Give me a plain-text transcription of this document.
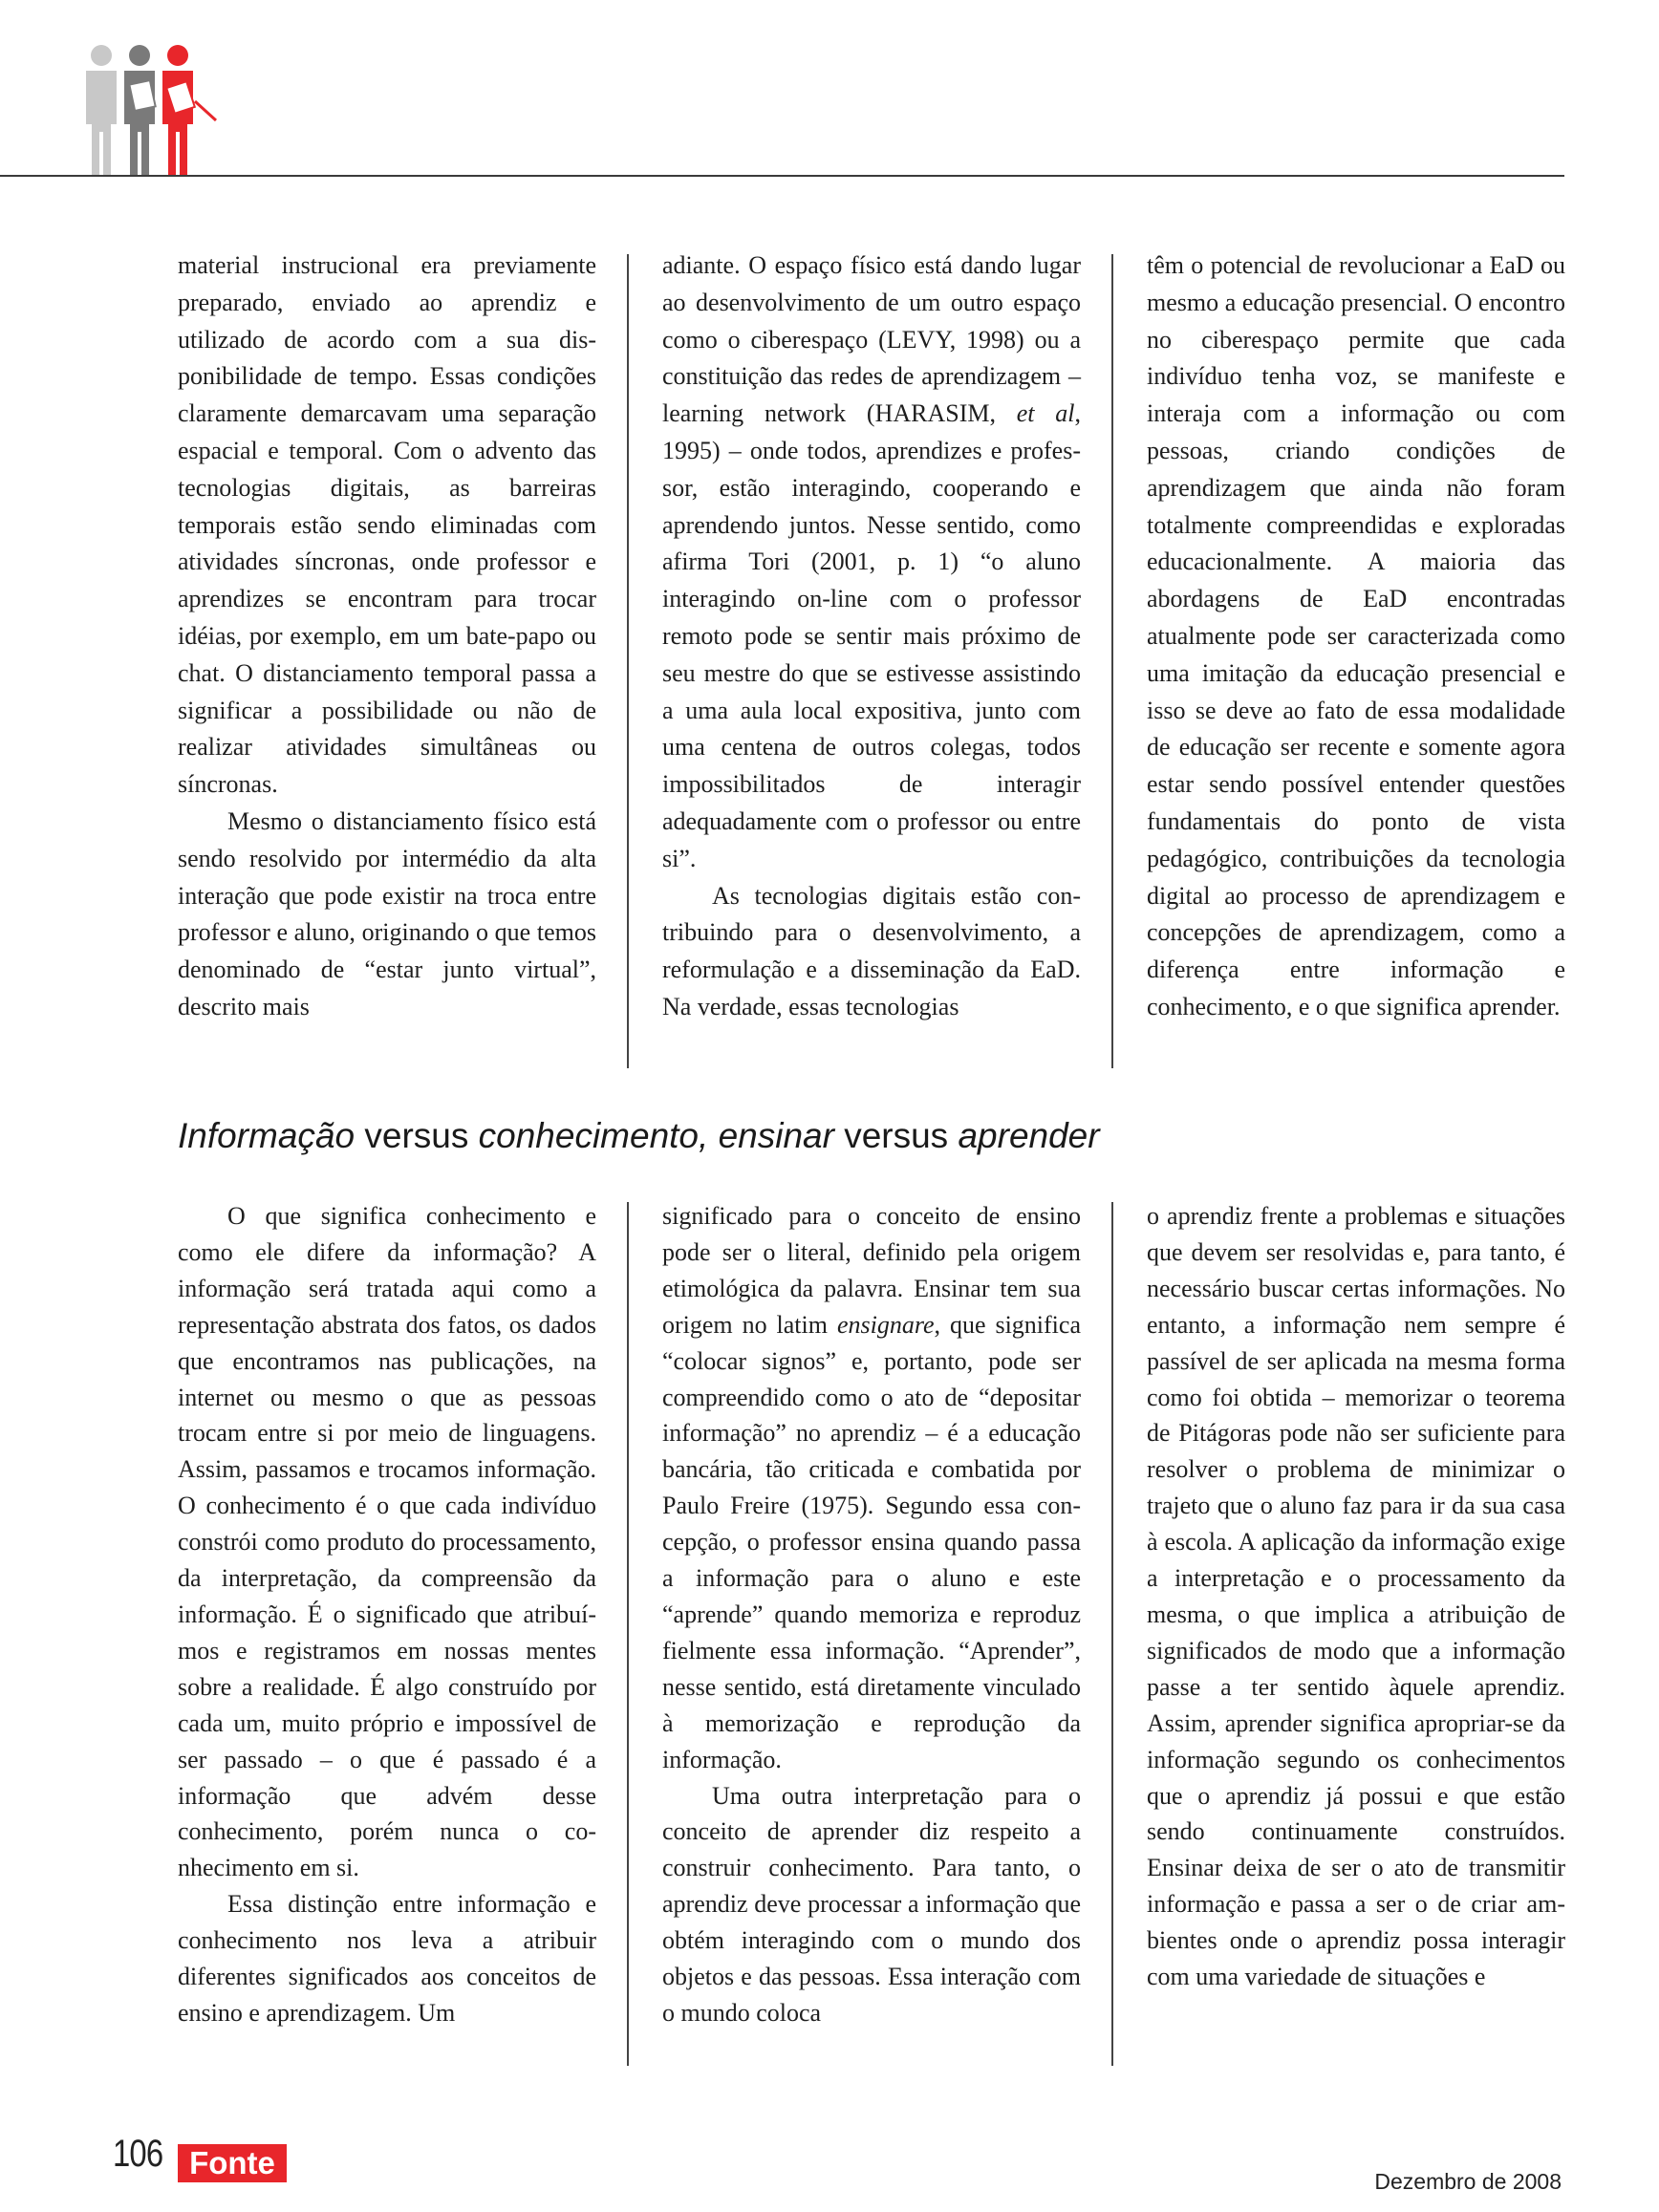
material instrucional era previamente preparado, enviado ao aprendiz e utilizado de acordo com a sua disponibilidade de tempo. Essas condições claramente demarcavam uma separação espacial e temporal. Com o advento das tecnologias digitais, as barreiras temporais estão sendo eliminadas com atividades síncronas, onde professor e aprendizes se encontram para trocar idéias, por exemplo, em um bate-papo ou chat. O distanciamento temporal passa a significar a possibilidade ou não de realizar atividades simultâneas ou síncronas.

Mesmo o distanciamento físico está sendo resolvido por intermédio da alta interação que pode existir na troca entre professor e aluno, originando o que temos denominado de “estar junto virtual”, descrito mais

adiante. O espaço físico está dando lugar ao desenvolvimento de um outro espaço como o ciberespaço (LEVY, 1998) ou a constituição das redes de aprendizagem – learning network (HARASIM, et al, 1995) – onde todos, aprendizes e professor, estão interagindo, cooperando e aprendendo juntos. Nesse sentido, como afirma Tori (2001, p. 1) “o aluno interagindo on-line com o professor remoto pode se sentir mais próximo de seu mestre do que se estivesse assistindo a uma aula local expositiva, junto com uma centena de outros colegas, todos impossibilitados de interagir adequadamente com o professor ou entre si”.

As tecnologias digitais estão contribuindo para o desenvolvimento, a reformulação e a disseminação da EaD. Na verdade, essas tecnologias

têm o potencial de revolucionar a EaD ou mesmo a educação presencial. O encontro no ciberespaço permite que cada indivíduo tenha voz, se manifeste e interaja com a informação ou com pessoas, criando condições de aprendizagem que ainda não foram totalmente compreendidas e exploradas educacionalmente. A maioria das abordagens de EaD encontradas atualmente pode ser caracterizada como uma imitação da educação presencial e isso se deve ao fato de essa modalidade de educação ser recente e somente agora estar sendo possível entender questões fundamentais do ponto de vista pedagógico, contribuições da tecnologia digital ao processo de aprendizagem e concepções de aprendizagem, como a diferença entre informação e conhecimento, e o que significa aprender.

Informação versus conhecimento, ensinar versus aprender

O que significa conhecimento e como ele difere da informação? A informação será tratada aqui como a representação abstrata dos fatos, os dados que encontramos nas publicações, na internet ou mesmo o que as pessoas trocam entre si por meio de linguagens. Assim, passamos e trocamos informação. O conhecimento é o que cada indivíduo constrói como produto do processamento, da interpretação, da compreensão da informação. É o significado que atribuímos e registramos em nossas mentes sobre a realidade. É algo construído por cada um, muito próprio e impossível de ser passado – o que é passado é a informação que advém desse conhecimento, porém nunca o conhecimento em si.

Essa distinção entre informação e conhecimento nos leva a atribuir diferentes significados aos conceitos de ensino e aprendizagem. Um

significado para o conceito de ensino pode ser o literal, definido pela origem etimológica da palavra. Ensinar tem sua origem no latim ensignare, que significa “colocar signos” e, portanto, pode ser compreendido como o ato de “depositar informação” no aprendiz – é a educação bancária, tão criticada e combatida por Paulo Freire (1975). Segundo essa concepção, o professor ensina quando passa a informação para o aluno e este “aprende” quando memoriza e reproduz fielmente essa informação. “Aprender”, nesse sentido, está diretamente vinculado à memorização e reprodução da informação.

Uma outra interpretação para o conceito de aprender diz respeito a construir conhecimento. Para tanto, o aprendiz deve processar a informação que obtém interagindo com o mundo dos objetos e das pessoas. Essa interação com o mundo coloca

o aprendiz frente a problemas e situações que devem ser resolvidas e, para tanto, é necessário buscar certas informações. No entanto, a informação nem sempre é passível de ser aplicada na mesma forma como foi obtida – memorizar o teorema de Pitágoras pode não ser suficiente para resolver o problema de minimizar o trajeto que o aluno faz para ir da sua casa à escola. A aplicação da informação exige a interpretação e o processamento da mesma, o que implica a atribuição de significados de modo que a informação passe a ter sentido àquele aprendiz. Assim, aprender significa apropriar-se da informação segundo os conhecimentos que o aprendiz já possui e que estão sendo continuamente construídos. Ensinar deixa de ser o ato de transmitir informação e passa a ser o de criar ambientes onde o aprendiz possa interagir com uma variedade de situações e

106 Fonte
Dezembro de 2008
